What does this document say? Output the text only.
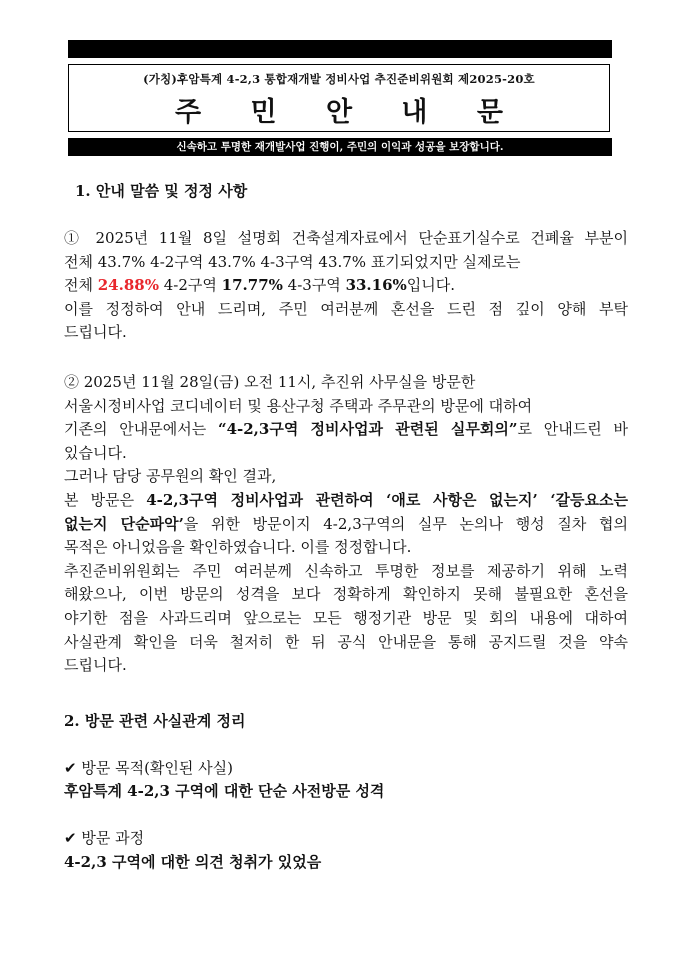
(가칭)후암특계 4-2,3 통합재개발 정비사업 추진준비위원회 제2025-20호
주 민 안 내 문
신속하고 투명한 재개발사업 진행이, 주민의 이익과 성공을 보장합니다.
1. 안내 말씀 및 정정 사항

① 2025년 11월 8일 설명회 건축설계자료에서 단순표기실수로 건폐율 부분이

전체 43.7% 4-2구역 43.7% 4-3구역 43.7% 표기되었지만 실제로는

전체 24.88% 4-2구역 17.77% 4-3구역 33.16%입니다.

이를 정정하여 안내 드리며, 주민 여러분께 혼선을 드린 점 깊이 양해 부탁

드립니다.

② 2025년 11월 28일(금) 오전 11시, 추진위 사무실을 방문한

서울시정비사업 코디네이터 및 용산구청 주택과 주무관의 방문에 대하여

기존의 안내문에서는 “4-2,3구역 정비사업과 관련된 실무회의”로 안내드린 바

있습니다.

그러나 담당 공무원의 확인 결과,

본 방문은 4-2,3구역 정비사업과 관련하여 ‘애로 사항은 없는지’ ‘갈등요소는

없는지 단순파악’을 위한 방문이지 4-2,3구역의 실무 논의나 행성 질차 협의

목적은 아니었음을 확인하였습니다. 이를 정정합니다.

추진준비위원회는 주민 여러분께 신속하고 투명한 정보를 제공하기 위해 노력

해왔으나, 이번 방문의 성격을 보다 정확하게 확인하지 못해 불필요한 혼선을

야기한 점을 사과드리며 앞으로는 모든 행정기관 방문 및 회의 내용에 대하여

사실관계 확인을 더욱 철저히 한 뒤 공식 안내문을 통해 공지드릴 것을 약속

드립니다.

2. 방문 관련 사실관계 정리
✔ 방문 목적(확인된 사실)
후암특계 4-2,3 구역에 대한 단순 사전방문 성격
✔ 방문 과정
4-2,3 구역에 대한 의견 청취가 있었음
